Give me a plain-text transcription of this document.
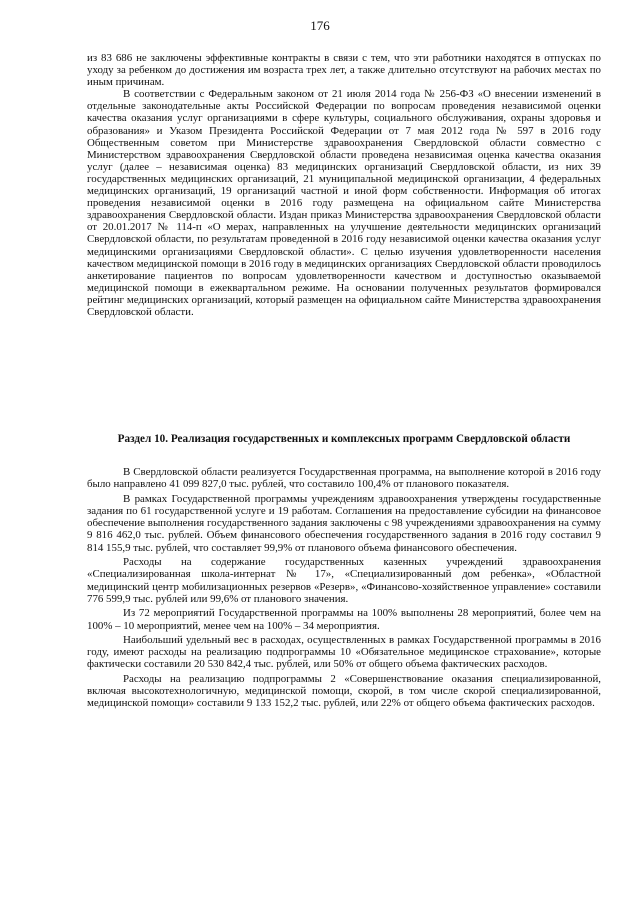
176

из 83 686 не заключены эффективные контракты в связи с тем, что эти работники находятся в отпусках по уходу за ребенком до достижения им возраста трех лет, а также длительно отсутствуют на рабочих местах по иным причинам.

В соответствии с Федеральным законом от 21 июля 2014 года № 256-ФЗ «О внесении изменений в отдельные законодательные акты Российской Федерации по вопросам проведения независимой оценки качества оказания услуг организациями в сфере культуры, социального обслуживания, охраны здоровья и образования» и Указом Президента Российской Федерации от 7 мая 2012 года № 597 в 2016 году Общественным советом при Министерстве здравоохранения Свердловской области совместно с Министерством здравоохранения Свердловской области проведена независимая оценка качества оказания услуг (далее – независимая оценка) 83 медицинских организаций Свердловской области, из них 39 государственных медицинских организаций, 21 муниципальной медицинской организации, 4 федеральных медицинских организаций, 19 организаций частной и иной форм собственности. Информация об итогах проведения независимой оценки в 2016 году размещена на официальном сайте Министерства здравоохранения Свердловской области. Издан приказ Министерства здравоохранения Свердловской области от 20.01.2017 № 114-п «О мерах, направленных на улучшение деятельности медицинских организаций Свердловской области, по результатам проведенной в 2016 году независимой оценки качества оказания услуг медицинскими организациями Свердловской области». С целью изучения удовлетворенности населения качеством медицинской помощи в 2016 году в медицинских организациях Свердловской области проводилось анкетирование пациентов по вопросам удовлетворенности качеством и доступностью оказываемой медицинской помощи в ежеквартальном режиме. На основании полученных результатов формировался рейтинг медицинских организаций, который размещен на официальном сайте Министерства здравоохранения Свердловской области.

Раздел 10. Реализация государственных и комплексных программ Свердловской области

В Свердловской области реализуется Государственная программа, на выполнение которой в 2016 году было направлено 41 099 827,0 тыс. рублей, что составило 100,4% от планового показателя.

В рамках Государственной программы учреждениям здравоохранения утверждены государственные задания по 61 государственной услуге и 19 работам. Соглашения на предоставление субсидии на финансовое обеспечение выполнения государственного задания заключены с 98 учреждениями здравоохранения на сумму 9 816 462,0 тыс. рублей. Объем финансового обеспечения государственного задания в 2016 году составил 9 814 155,9 тыс. рублей, что составляет 99,9% от планового объема финансового обеспечения.

Расходы на содержание государственных казенных учреждений здравоохранения «Специализированная школа-интернат № 17», «Специализированный дом ребенка», «Областной медицинский центр мобилизационных резервов «Резерв», «Финансово-хозяйственное управление» составили 776 599,9 тыс. рублей или 99,6% от планового значения.

Из 72 мероприятий Государственной программы на 100% выполнены 28 мероприятий, более чем на 100% – 10 мероприятий, менее чем на 100% – 34 мероприятия.

Наибольший удельный вес в расходах, осуществленных в рамках Государственной программы в 2016 году, имеют расходы на реализацию подпрограммы 10 «Обязательное медицинское страхование», которые фактически составили 20 530 842,4 тыс. рублей, или 50% от общего объема фактических расходов.

Расходы на реализацию подпрограммы 2 «Совершенствование оказания специализированной, включая высокотехнологичную, медицинской помощи, скорой, в том числе скорой специализированной, медицинской помощи» составили 9 133 152,2 тыс. рублей, или 22% от общего объема фактических расходов.
